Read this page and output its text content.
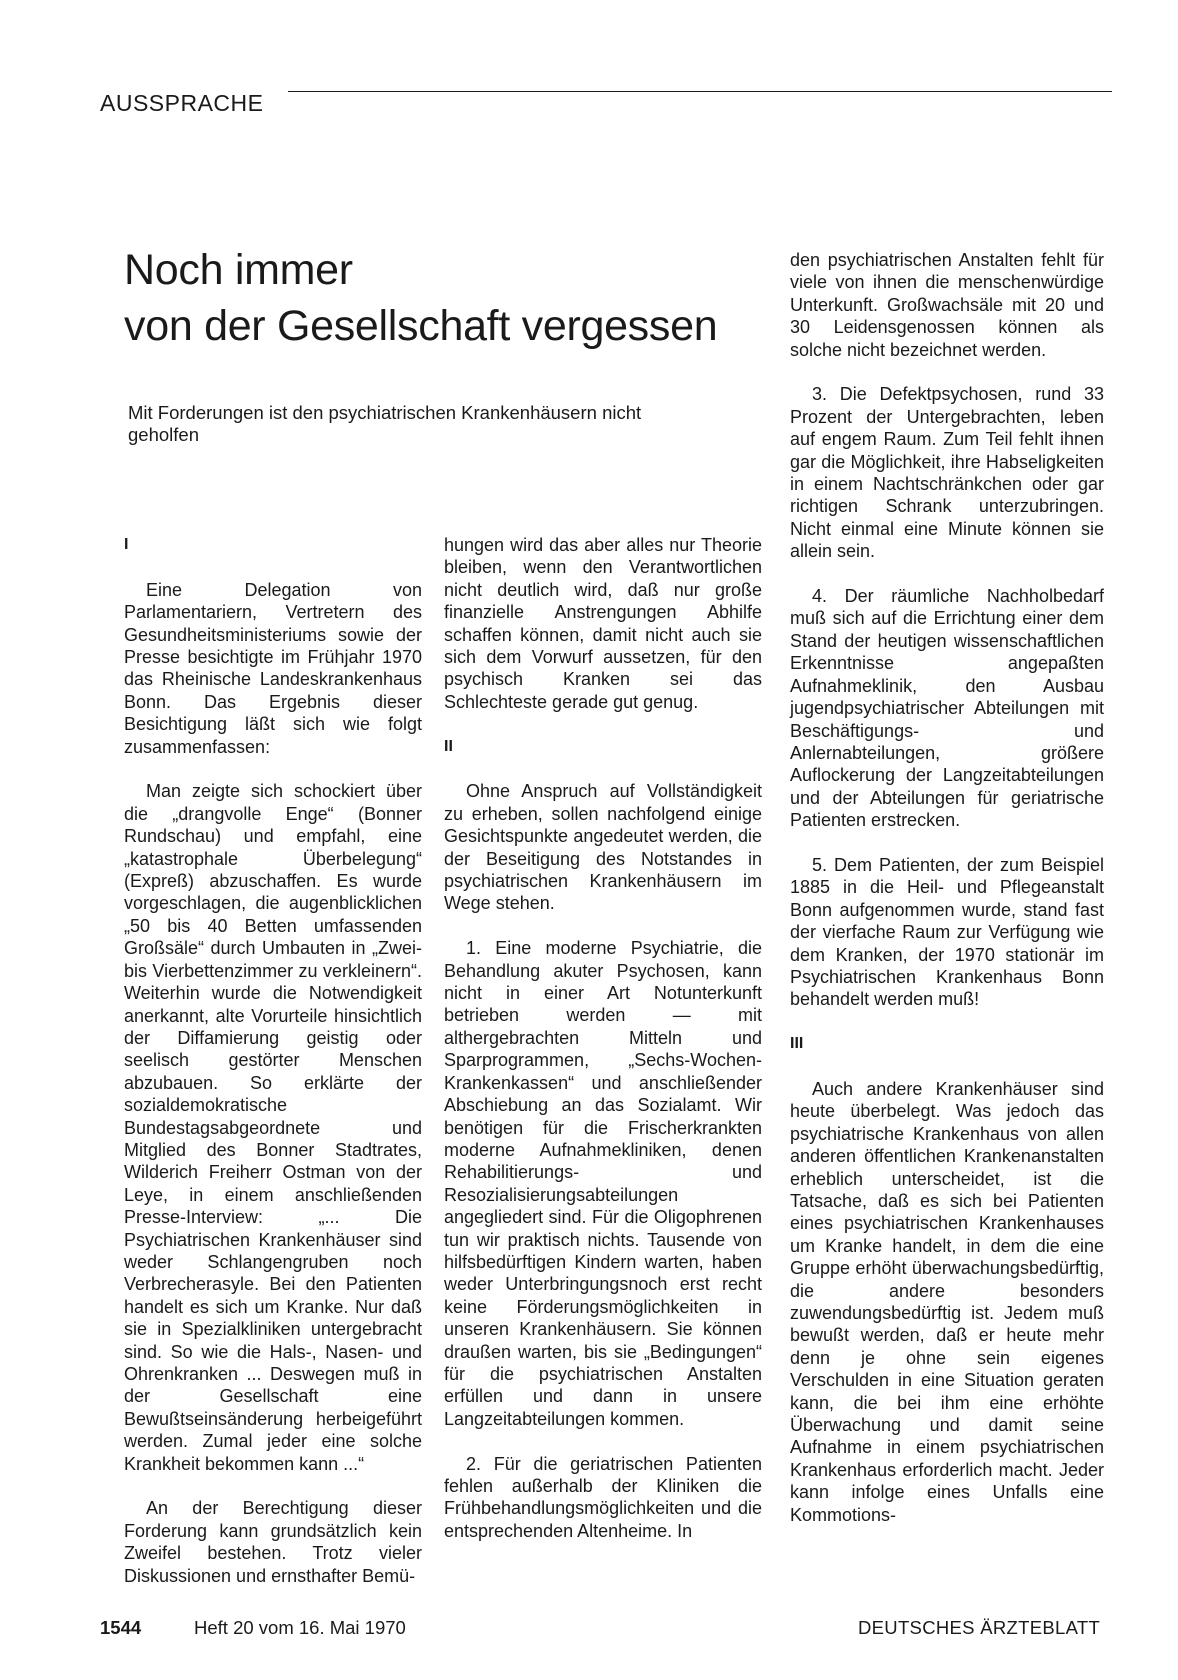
AUSSPRACHE
Noch immer
von der Gesellschaft vergessen

Mit Forderungen ist den psychiatrischen Krankenhäusern nicht geholfen

I

Eine Delegation von Parlamentariern, Vertretern des Gesundheitsministeriums sowie der Presse besichtigte im Frühjahr 1970 das Rheinische Landeskrankenhaus Bonn. Das Ergebnis dieser Besichtigung läßt sich wie folgt zusammenfassen:

Man zeigte sich schockiert über die „drangvolle Enge“ (Bonner Rundschau) und empfahl, eine „katastrophale Überbelegung“ (Expreß) abzuschaffen. Es wurde vorgeschlagen, die augenblicklichen „50 bis 40 Betten umfassenden Großsäle“ durch Umbauten in „Zwei- bis Vierbettenzimmer zu verkleinern“. Weiterhin wurde die Notwendigkeit anerkannt, alte Vorurteile hinsichtlich der Diffamierung geistig oder seelisch gestörter Menschen abzubauen. So erklärte der sozialdemokratische Bundestagsabgeordnete und Mitglied des Bonner Stadtrates, Wilderich Freiherr Ostman von der Leye, in einem anschließenden Presse-Interview: „... Die Psychiatrischen Krankenhäuser sind weder Schlangengruben noch Verbrecherasyle. Bei den Patienten handelt es sich um Kranke. Nur daß sie in Spezialkliniken untergebracht sind. So wie die Hals-, Nasen- und Ohrenkranken ... Deswegen muß in der Gesellschaft eine Bewußtseinsänderung herbeigeführt werden. Zumal jeder eine solche Krankheit bekommen kann ...“

An der Berechtigung dieser Forderung kann grundsätzlich kein Zweifel bestehen. Trotz vieler Diskussionen und ernsthafter Bemü-

hungen wird das aber alles nur Theorie bleiben, wenn den Verantwortlichen nicht deutlich wird, daß nur große finanzielle Anstrengungen Abhilfe schaffen können, damit nicht auch sie sich dem Vorwurf aussetzen, für den psychisch Kranken sei das Schlechteste gerade gut genug.

II

Ohne Anspruch auf Vollständigkeit zu erheben, sollen nachfolgend einige Gesichtspunkte angedeutet werden, die der Beseitigung des Notstandes in psychiatrischen Krankenhäusern im Wege stehen.

1. Eine moderne Psychiatrie, die Behandlung akuter Psychosen, kann nicht in einer Art Notunterkunft betrieben werden — mit althergebrachten Mitteln und Sparprogrammen, „Sechs-Wochen-Krankenkassen“ und anschließender Abschiebung an das Sozialamt. Wir benötigen für die Frischerkrankten moderne Aufnahmekliniken, denen Rehabilitierungs- und Resozialisierungsabteilungen angegliedert sind. Für die Oligophrenen tun wir praktisch nichts. Tausende von hilfsbedürftigen Kindern warten, haben weder Unterbringungsnoch erst recht keine Förderungsmöglichkeiten in unseren Krankenhäusern. Sie können draußen warten, bis sie „Bedingungen“ für die psychiatrischen Anstalten erfüllen und dann in unsere Langzeitabteilungen kommen.

2. Für die geriatrischen Patienten fehlen außerhalb der Kliniken die Frühbehandlungsmöglichkeiten und die entsprechenden Altenheime. In

den psychiatrischen Anstalten fehlt für viele von ihnen die menschenwürdige Unterkunft. Großwachsäle mit 20 und 30 Leidensgenossen können als solche nicht bezeichnet werden.

3. Die Defektpsychosen, rund 33 Prozent der Untergebrachten, leben auf engem Raum. Zum Teil fehlt ihnen gar die Möglichkeit, ihre Habseligkeiten in einem Nachtschränkchen oder gar richtigen Schrank unterzubringen. Nicht einmal eine Minute können sie allein sein.

4. Der räumliche Nachholbedarf muß sich auf die Errichtung einer dem Stand der heutigen wissenschaftlichen Erkenntnisse angepaßten Aufnahmeklinik, den Ausbau jugendpsychiatrischer Abteilungen mit Beschäftigungs- und Anlernabteilungen, größere Auflockerung der Langzeitabteilungen und der Abteilungen für geriatrische Patienten erstrecken.

5. Dem Patienten, der zum Beispiel 1885 in die Heil- und Pflegeanstalt Bonn aufgenommen wurde, stand fast der vierfache Raum zur Verfügung wie dem Kranken, der 1970 stationär im Psychiatrischen Krankenhaus Bonn behandelt werden muß!

III

Auch andere Krankenhäuser sind heute überbelegt. Was jedoch das psychiatrische Krankenhaus von allen anderen öffentlichen Krankenanstalten erheblich unterscheidet, ist die Tatsache, daß es sich bei Patienten eines psychiatrischen Krankenhauses um Kranke handelt, in dem die eine Gruppe erhöht überwachungsbedürftig, die andere besonders zuwendungsbedürftig ist. Jedem muß bewußt werden, daß er heute mehr denn je ohne sein eigenes Verschulden in eine Situation geraten kann, die bei ihm eine erhöhte Überwachung und damit seine Aufnahme in einem psychiatrischen Krankenhaus erforderlich macht. Jeder kann infolge eines Unfalls eine Kommotions-

1544	Heft 20 vom 16. Mai 1970	DEUTSCHES ÄRZTEBLATT
